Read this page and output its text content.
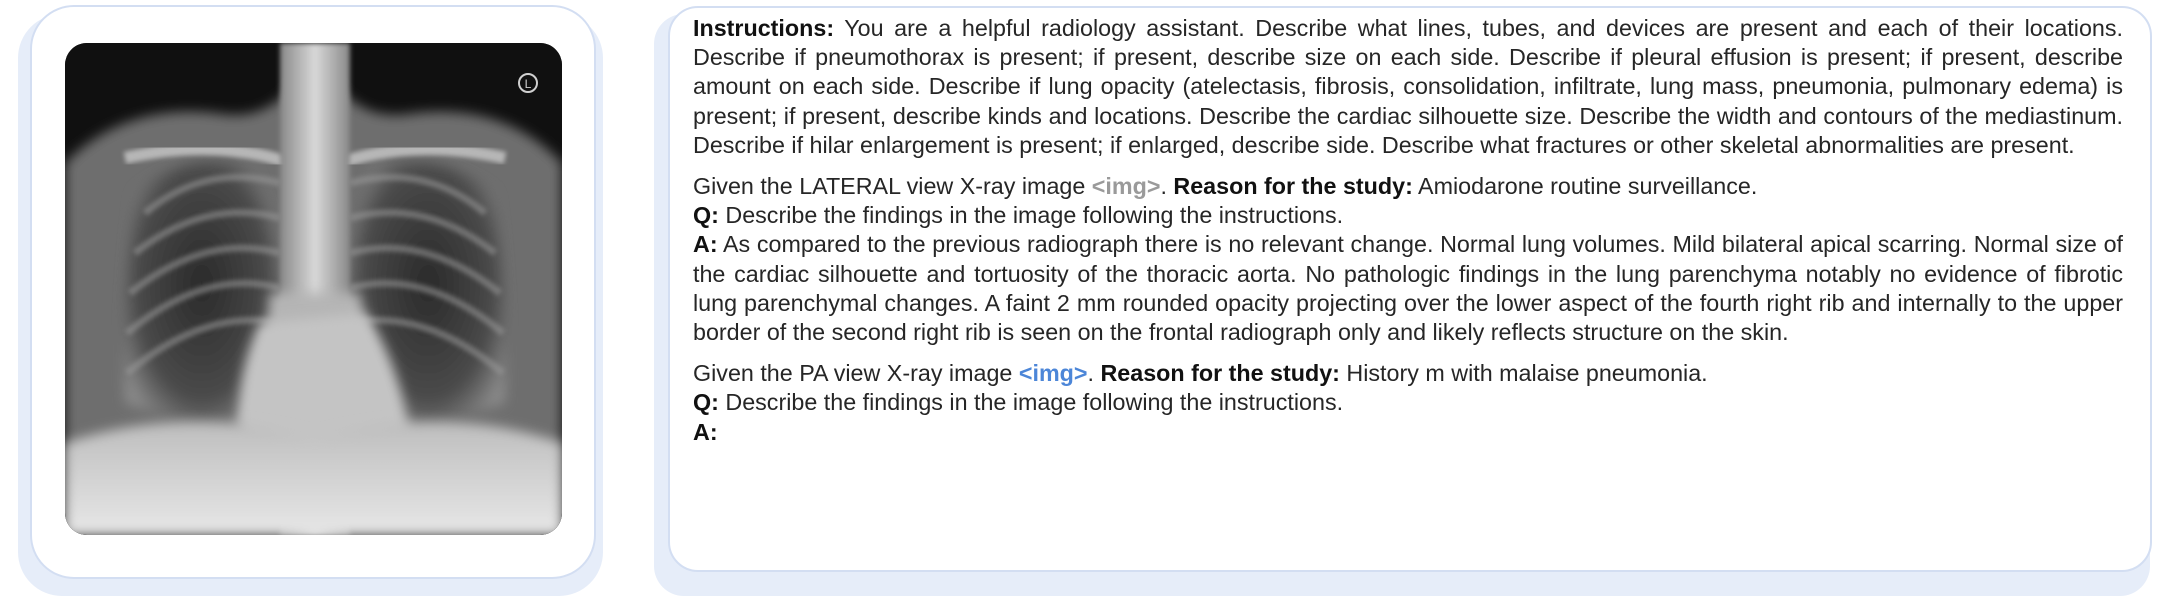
L

Instructions: You are a helpful radiology assistant. Describe what lines, tubes, and devices are present and each of their locations. Describe if pneumothorax is present; if present, describe size on each side. Describe if pleural effusion is present; if present, describe amount on each side. Describe if lung opacity (atelectasis, fibrosis, consolidation, infiltrate, lung mass, pneumonia, pulmonary edema) is present; if present, describe kinds and locations. Describe the cardiac silhouette size. Describe the width and contours of the mediastinum. Describe if hilar enlargement is present; if enlarged, describe side. Describe what fractures or other skeletal abnormalities are present.

Given the LATERAL view X-ray image <img>. Reason for the study: Amiodarone routine surveillance.

Q: Describe the findings in the image following the instructions.

A: As compared to the previous radiograph there is no relevant change. Normal lung volumes. Mild bilateral apical scarring. Normal size of the cardiac silhouette and tortuosity of the thoracic aorta. No pathologic findings in the lung parenchyma notably no evidence of fibrotic lung parenchymal changes. A faint 2 mm rounded opacity projecting over the lower aspect of the fourth right rib and internally to the upper border of the second right rib is seen on the frontal radiograph only and likely reflects structure on the skin.

Given the PA view X-ray image <img>. Reason for the study: History m with malaise pneumonia.

Q: Describe the findings in the image following the instructions.

A:
